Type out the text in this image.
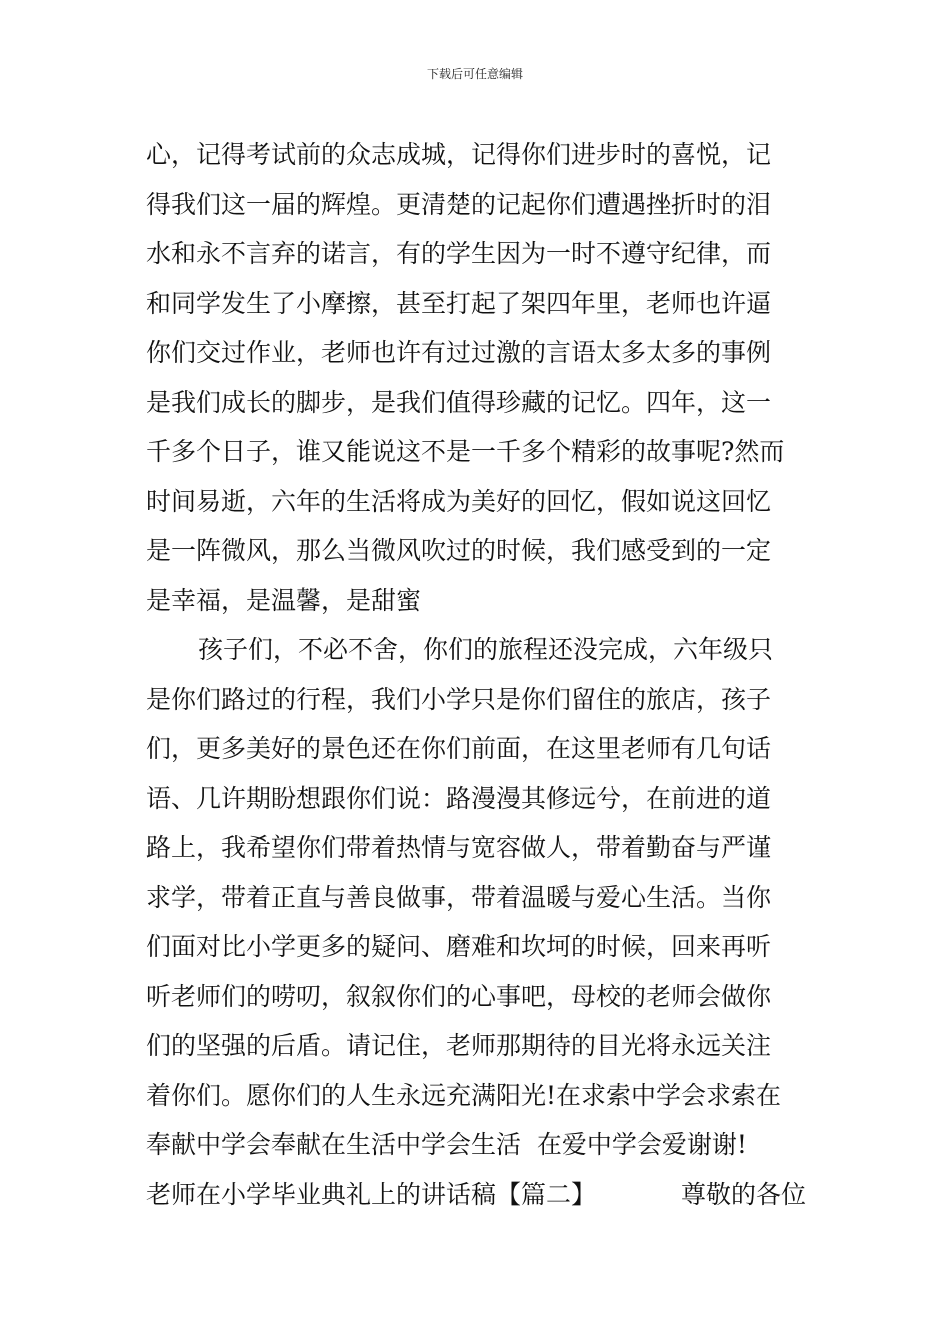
下载后可任意编辑
心，记得考试前的众志成城，记得你们进步时的喜悦，记
得我们这一届的辉煌。更清楚的记起你们遭遇挫折时的泪
水和永不言弃的诺言，有的学生因为一时不遵守纪律，而
和同学发生了小摩擦，甚至打起了架四年里，老师也许逼
你们交过作业，老师也许有过过激的言语太多太多的事例
是我们成长的脚步，是我们值得珍藏的记忆。四年，这一
千多个日子，谁又能说这不是一千多个精彩的故事呢?然而
时间易逝，六年的生活将成为美好的回忆，假如说这回忆
是一阵微风，那么当微风吹过的时候，我们感受到的一定
是幸福，是温馨，是甜蜜
孩子们，不必不舍，你们的旅程还没完成，六年级只
是你们路过的行程，我们小学只是你们留住的旅店，孩子
们，更多美好的景色还在你们前面，在这里老师有几句话
语、几许期盼想跟你们说：路漫漫其修远兮，在前进的道
路上，我希望你们带着热情与宽容做人，带着勤奋与严谨
求学，带着正直与善良做事，带着温暖与爱心生活。当你
们面对比小学更多的疑问、磨难和坎坷的时候，回来再听
听老师们的唠叨，叙叙你们的心事吧，母校的老师会做你
们的坚强的后盾。请记住，老师那期待的目光将永远关注
着你们。愿你们的人生永远充满阳光!在求索中学会求索在
奉献中学会奉献在生活中学会生活  在爱中学会爱谢谢!
老师在小学毕业典礼上的讲话稿【篇二】	尊敬的各位
